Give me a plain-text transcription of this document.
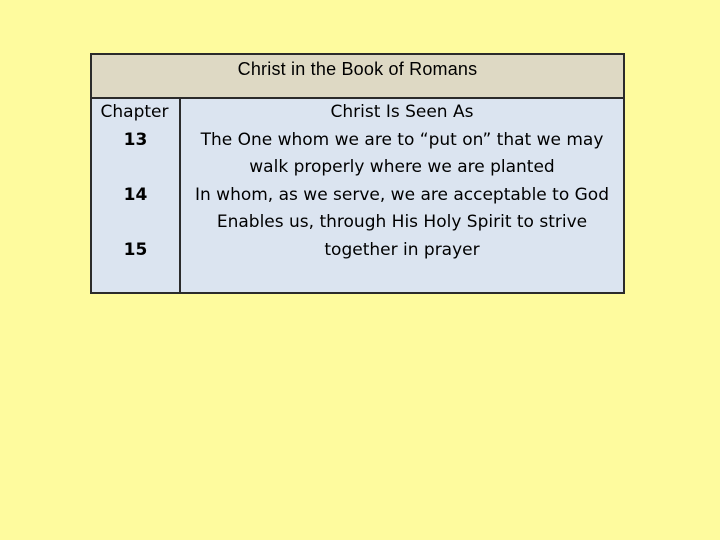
Christ in the Book of Romans
Chapter
13
14
15
Christ Is Seen As
The One whom we are to “put on” that we may walk properly where we are planted
In whom, as we serve, we are acceptable to God
Enables us, through His Holy Spirit to strive together in prayer
